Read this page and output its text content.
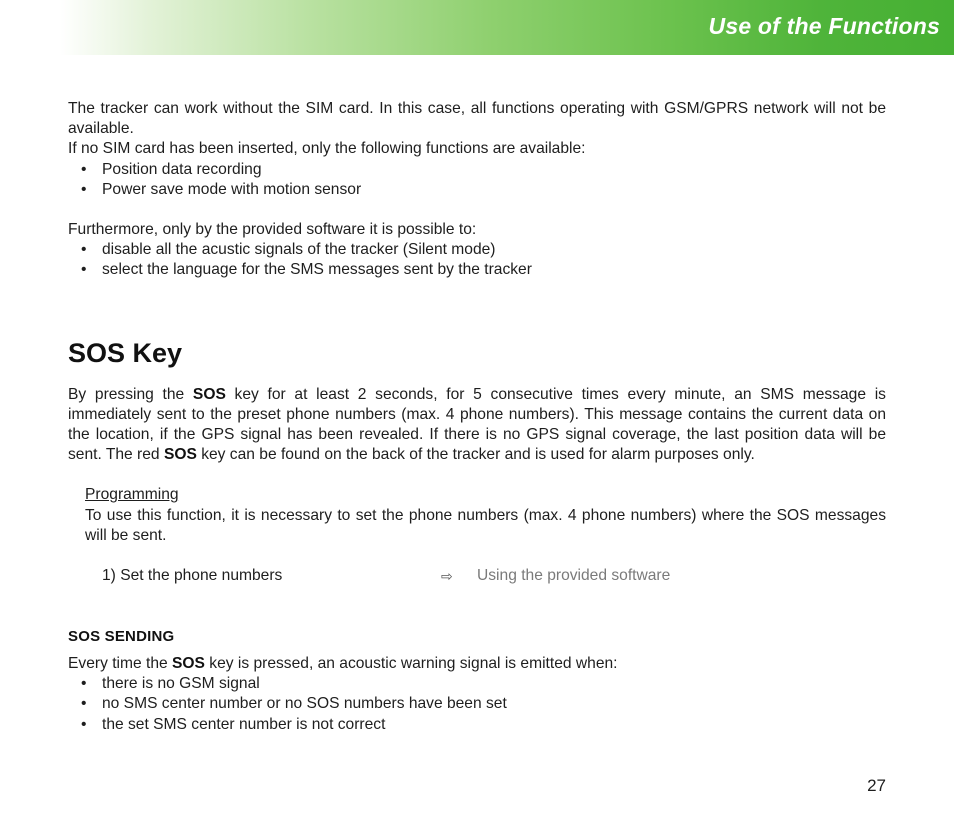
Use of the Functions

The tracker can work without the SIM card. In this case, all functions operating with GSM/GPRS network will not be available.

If no SIM card has been inserted, only the following functions are available:

• Position data recording
• Power save mode with motion sensor

Furthermore, only by the provided software it is possible to:

• disable all the acustic signals of the tracker (Silent mode)
• select the language for the SMS messages sent by the tracker
SOS Key

By pressing the SOS key for at least 2 seconds, for 5 consecutive times every minute, an SMS message is immediately sent to the preset phone numbers (max. 4 phone numbers). This message contains the current data on the location, if the GPS signal has been revealed. If there is no GPS signal coverage, the last position data will be sent. The red SOS key can be found on the back of the tracker and is used for alarm purposes only.

Programming

To use this function, it is necessary to set the phone numbers (max. 4 phone numbers) where the SOS messages will be sent.

1) Set the phone numbers	⇨ Using the provided software
SOS SENDING

Every time the SOS key is pressed, an acoustic warning signal is emitted when:

• there is no GSM signal
• no SMS center number or no SOS numbers have been set
• the set SMS center number is not correct
27
